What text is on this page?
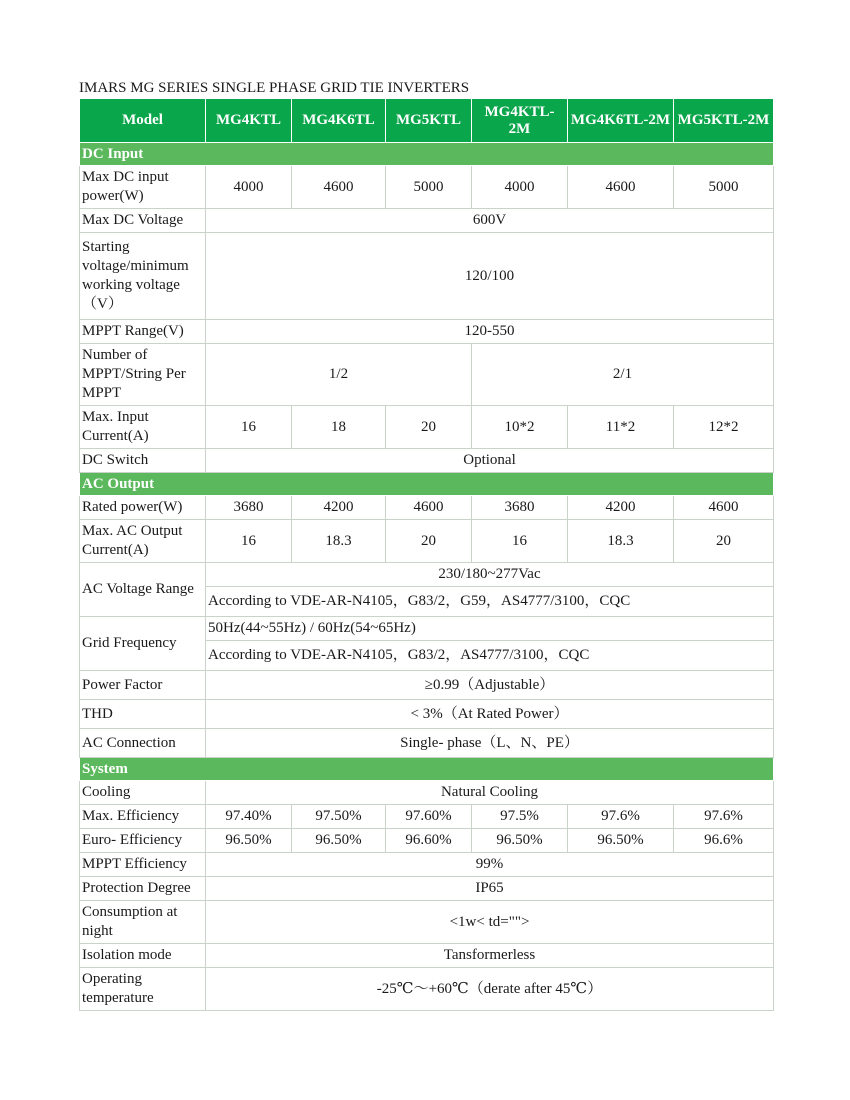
IMARS MG SERIES SINGLE PHASE GRID TIE INVERTERS
Model	MG4KTL	MG4K6TL	MG5KTL	MG4KTL-2M	MG4K6TL-2M	MG5KTL-2M
DC Input						
Max DC input power(W)	4000	4600	5000	4000	4600	5000
Max DC Voltage	600V					
Starting voltage/minimum working voltage（V）	120/100					
MPPT Range(V)	120-550					
Number of MPPT/String Per MPPT	1/2			2/1		
Max. Input Current(A)	16	18	20	10*2	11*2	12*2
DC Switch	Optional					
AC Output						
Rated power(W)	3680	4200	4600	3680	4200	4600
Max. AC Output Current(A)	16	18.3	20	16	18.3	20
AC Voltage Range	230/180~277Vac					
	According to VDE-AR-N4105，G83/2，G59，AS4777/3100，CQC					
Grid Frequency	50Hz(44~55Hz) / 60Hz(54~65Hz)					
	According to VDE-AR-N4105，G83/2，AS4777/3100，CQC					
Power Factor	≥0.99（Adjustable）					
THD	< 3%（At Rated Power）					
AC Connection	Single- phase（L、N、PE）					
System						
Cooling	Natural Cooling					
Max. Efficiency	97.40%	97.50%	97.60%	97.5%	97.6%	97.6%
Euro- Efficiency	96.50%	96.50%	96.60%	96.50%	96.50%	96.6%
MPPT Efficiency	99%					
Protection Degree	IP65					
Consumption at night	<1w< td="">					
Isolation mode	Tansformerless					
Operating temperature	-25℃～+60℃（derate after 45℃）					
